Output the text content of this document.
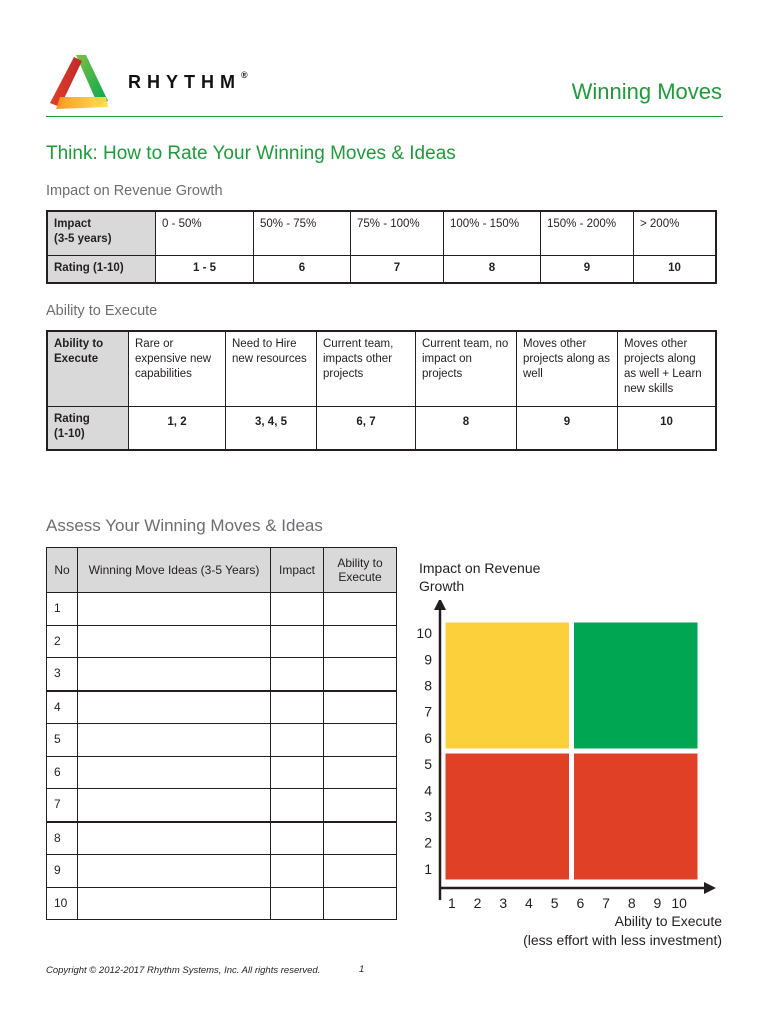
RHYTHM®
Winning Moves
Think: How to Rate Your Winning Moves & Ideas
Impact on Revenue Growth
Impact
(3-5 years)	0 - 50%	50% - 75%	75% - 100%	100% - 150%	150% - 200%	> 200%
Rating (1-10)	1 - 5	6	7	8	9	10
Ability to Execute
Ability to Execute	Rare or expensive new capabilities	Need to Hire new resources	Current team, impacts other projects	Current team, no impact on projects	Moves other projects along as well	Moves other projects along as well + Learn new skills

Rating
(1-10)	1, 2	3, 4, 5	6, 7	8	9	10
Assess Your Winning Moves & Ideas
No	Winning Move Ideas (3-5 Years)	Impact	Ability to Execute
1			
2			
3			
4			
5			
6			
7			
8			
9			
10			
Impact on Revenue Growth
1 2 3 4 5 6 7 8 9 10
1
2
3
4
5
6
7
8
9
10
Ability to Execute
(less effort with less investment)
Copyright © 2012-2017 Rhythm Systems, Inc. All rights reserved.	1
